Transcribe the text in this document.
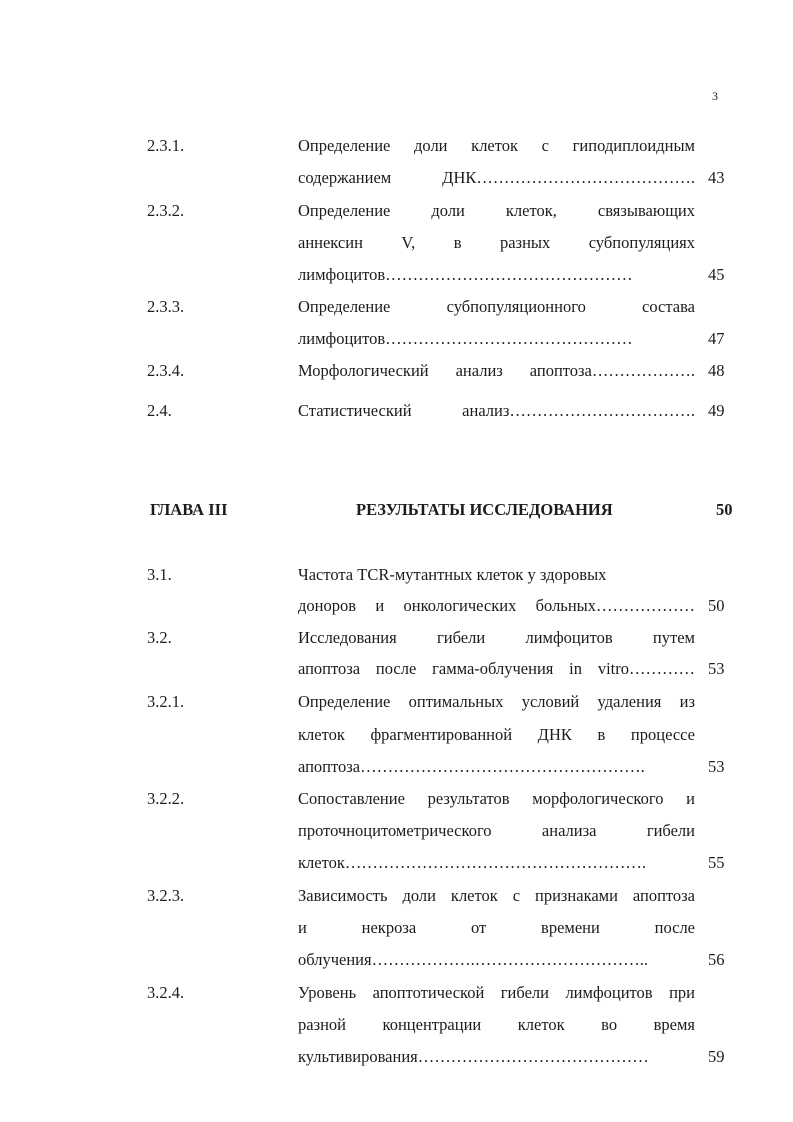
3
2.3.1.	Определение доли клеток с гиподиплоидным
содержанием ДНК…………………………………. 43
2.3.2.	Определение доли клеток, связывающих
аннексин V, в разных субпопуляциях
лимфоцитов………………………………………	45
2.3.3.	Определение субпопуляционного состава
лимфоцитов………………………………………	47
2.3.4.	Морфологический анализ апоптоза………………. 48
2.4.	Статистический анализ……………………………. 49
ГЛАВА III	РЕЗУЛЬТАТЫ ИССЛЕДОВАНИЯ	50
3.1.	Частота TCR-мутантных клеток у здоровых
доноров и онкологических больных……………… 50
3.2.	Исследования гибели лимфоцитов путем
апоптоза после гамма-облучения in vitro………… 53
3.2.1.	Определение оптимальных условий удаления из
клеток фрагментированной ДНК в процессе
апоптоза…………………………………………….	53
3.2.2.	Сопоставление результатов морфологического и
проточноцитометрического анализа гибели
клеток……………………………………………….	55
3.2.3.	Зависимость доли клеток с признаками апоптоза
и некроза от времени после
облучения……………….…………………………..	56
3.2.4.	Уровень апоптотической гибели лимфоцитов при
разной концентрации клеток во время
культивирования……………………………………	59
